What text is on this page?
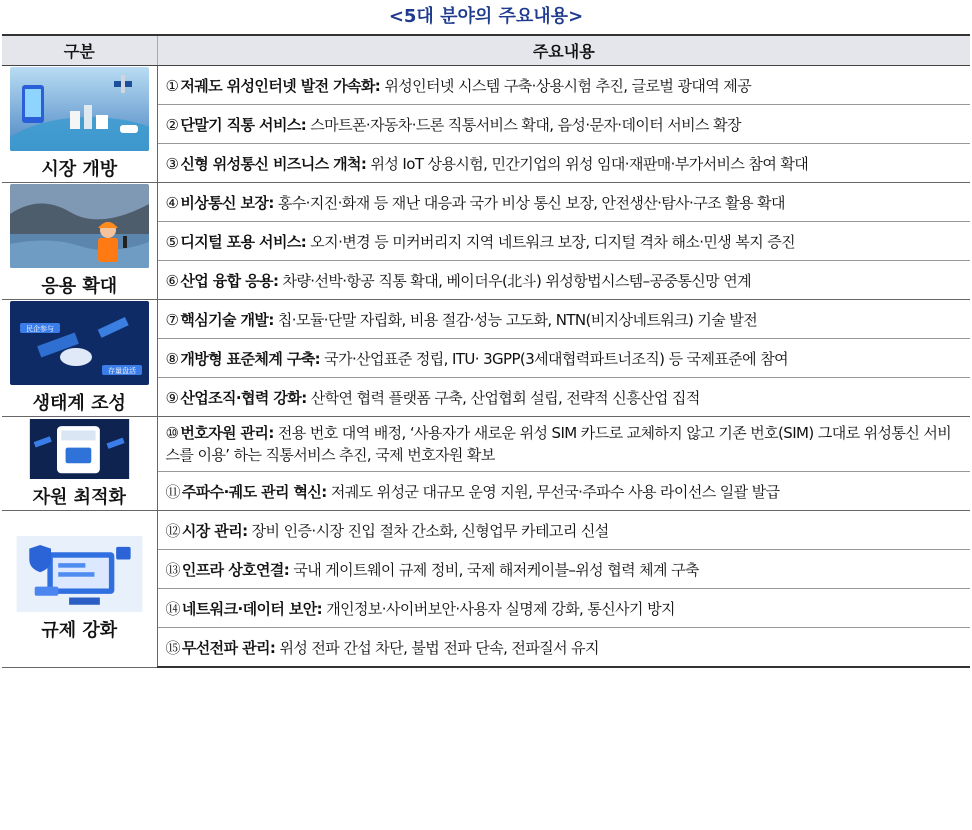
<5대 분야의 주요내용>
구분	주요내용

시장 개방	① 저궤도 위성인터넷 발전 가속화: 위성인터넷 시스템 구축·상용시험 추진, 글로벌 광대역 제공
	② 단말기 직통 서비스: 스마트폰·자동차·드론 직통서비스 확대, 음성·문자·데이터 서비스 확장
	③ 신형 위성통신 비즈니스 개척: 위성 IoT 상용시험, 민간기업의 위성 임대·재판매·부가서비스 참여 확대

응용 확대	④ 비상통신 보장: 홍수·지진·화재 등 재난 대응과 국가 비상 통신 보장, 안전생산·탐사·구조 활용 확대
	⑤ 디지털 포용 서비스: 오지·변경 등 미커버리지 지역 네트워크 보장, 디지털 격차 해소·민생 복지 증진
	⑥ 산업 융합 응용: 차량·선박·항공 직통 확대, 베이더우(北斗) 위성항법시스템–공중통신망 연계

民企参与
存量盘活
생태계 조성	⑦ 핵심기술 개발: 칩·모듈·단말 자립화, 비용 절감·성능 고도화, NTN(비지상네트워크) 기술 발전
	⑧ 개방형 표준체계 구축: 국가·산업표준 정립, ITU· 3GPP(3세대협력파트너조직) 등 국제표준에 참여
	⑨ 산업조직·협력 강화: 산학연 협력 플랫폼 구축, 산업협회 설립, 전략적 신흥산업 집적

자원 최적화	⑩ 번호자원 관리: 전용 번호 대역 배정, ‘사용자가 새로운 위성 SIM 카드로 교체하지 않고 기존 번호(SIM) 그대로 위성통신 서비스를 이용’ 하는 직통서비스 추진, 국제 번호자원 확보
	⑪ 주파수·궤도 관리 혁신: 저궤도 위성군 대규모 운영 지원, 무선국·주파수 사용 라이선스 일괄 발급

규제 강화	⑫ 시장 관리: 장비 인증·시장 진입 절차 간소화, 신형업무 카테고리 신설
	⑬ 인프라 상호연결: 국내 게이트웨이 규제 정비, 국제 해저케이블–위성 협력 체계 구축
	⑭ 네트워크·데이터 보안: 개인정보·사이버보안·사용자 실명제 강화, 통신사기 방지
	⑮ 무선전파 관리: 위성 전파 간섭 차단, 불법 전파 단속, 전파질서 유지
